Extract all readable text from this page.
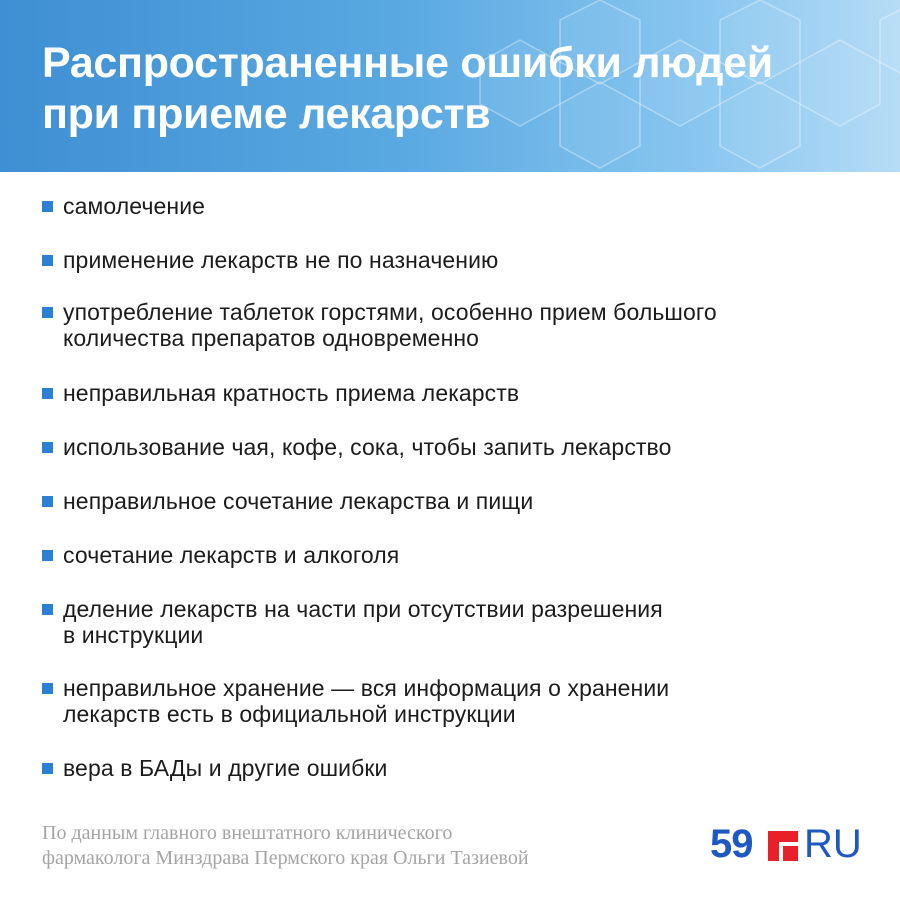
Распространенные ошибки людей
при приеме лекарств
самолечение
применение лекарств не по назначению
употребление таблеток горстями, особенно прием большого
количества препаратов одновременно
неправильная кратность приема лекарств
использование чая, кофе, сока, чтобы запить лекарство
неправильное сочетание лекарства и пищи
сочетание лекарств и алкоголя
деление лекарств на части при отсутствии разрешения
в инструкции
неправильное хранение — вся информация о хранении
лекарств есть в официальной инструкции
вера в БАДы и другие ошибки
По данным главного внештатного клинического
фармаколога Минздрава Пермского края Ольги Тазиевой	59 RU
